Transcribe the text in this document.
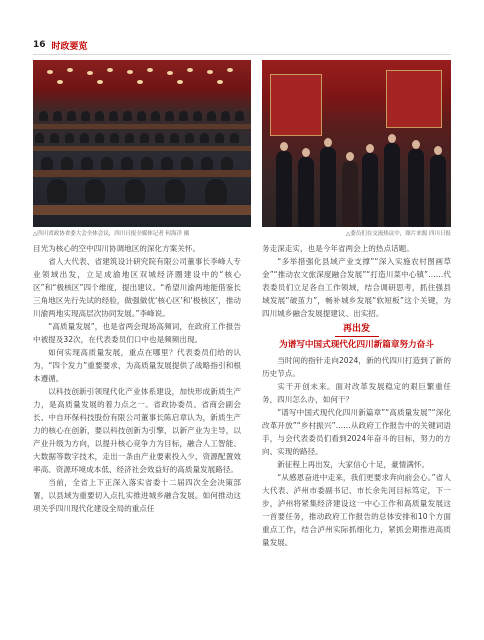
16 时政要览
△四川省政协省委大会全体会议，四川日报全媒体记者 何海洋 摄	△委员们在交流热议中，图片来源 四川日报

目光为核心的空中四川协调地区的深化方案关怀。

省人大代表、省建筑设计研究院有限公司董事长李峰人专业领域出发，立足成渝地区双城经济圈建设中的“核心区”和“极核区”四个维度，提出建议。“希望川渝两地能借鉴长三角地区先行先试的经验，做强做优‘核心区’和‘极核区’，推动川渝两地实现高层次协同发展。”李峰说。

“高质量发展”，也是省两会现场高频词，在政府工作报告中被提及32次，在代表委员们口中也是频频出现。

如何实现高质量发展，重点在哪里？代表委员们给的认为，“四个发力”重要要求，为高质量发展提供了战略指引和根本遵循。

以科技创新引领现代化产业体系建设，加快形成新质生产力，是高质量发展的着力点之一。省政协委员、省商会副会长、中自环保科技股份有限公司董事长陈启章认为，新质生产力的核心在创新，要以科技创新为引擎，以新产业为主导，以产业升级为方向，以提升核心竞争力为目标，融合人工智能、大数据等数字技术，走出一条由产业要素投入少、资源配置效率高、资源环境成本低、经济社会效益好的高质量发展路径。

当前，全省上下正深入落实省委十二届四次全会决策部署，以县域为重要切入点扎实推进城乡融合发展。如何推动这项关乎四川现代化建设全局的重点任

务走深走实，也是今年省两会上的热点话题。

“多举措强化县域产业支撑”“深入实施农村图画草金”“推动农文旅深度融合发展”“打造川菜中心镇”……代表委员们立足各自工作领域，结合调研思考，抓住强县域发展“破茧力”，畅补城乡发展“软短板”这个关键，为四川城乡融合发展提建议、出实招。

再出发
为谱写中国式现代化四川新篇章努力奋斗

当时间的指针走向2024，新的代四川打造到了新的历史节点。

实干开创未来。面对改革发展稳定的艰巨繁重任务，四川怎么办，如何干？

“谱写中国式现代化四川新篇章”“高质量发展”“深化改革开放”“乡村振兴”……从政府工作报告中的关键词语手，与会代表委员们看到2024年奋斗的目标，努力的方向、实现的路径。

新征程上再出发，大家信心十足，豪情满怀。

“从感恩奋进中走来，我们更要求奔向前会心。”省人大代表、泸州市委副书记、市长余先河目标笃定，下一步，泸州将紧集经济建设这一中心工作和高质量发展这一首要任务，推动政府工作报告的总体安排和10个方面重点工作，结合泸州实际抓细化力，紧抓会期推进高质量发展。
